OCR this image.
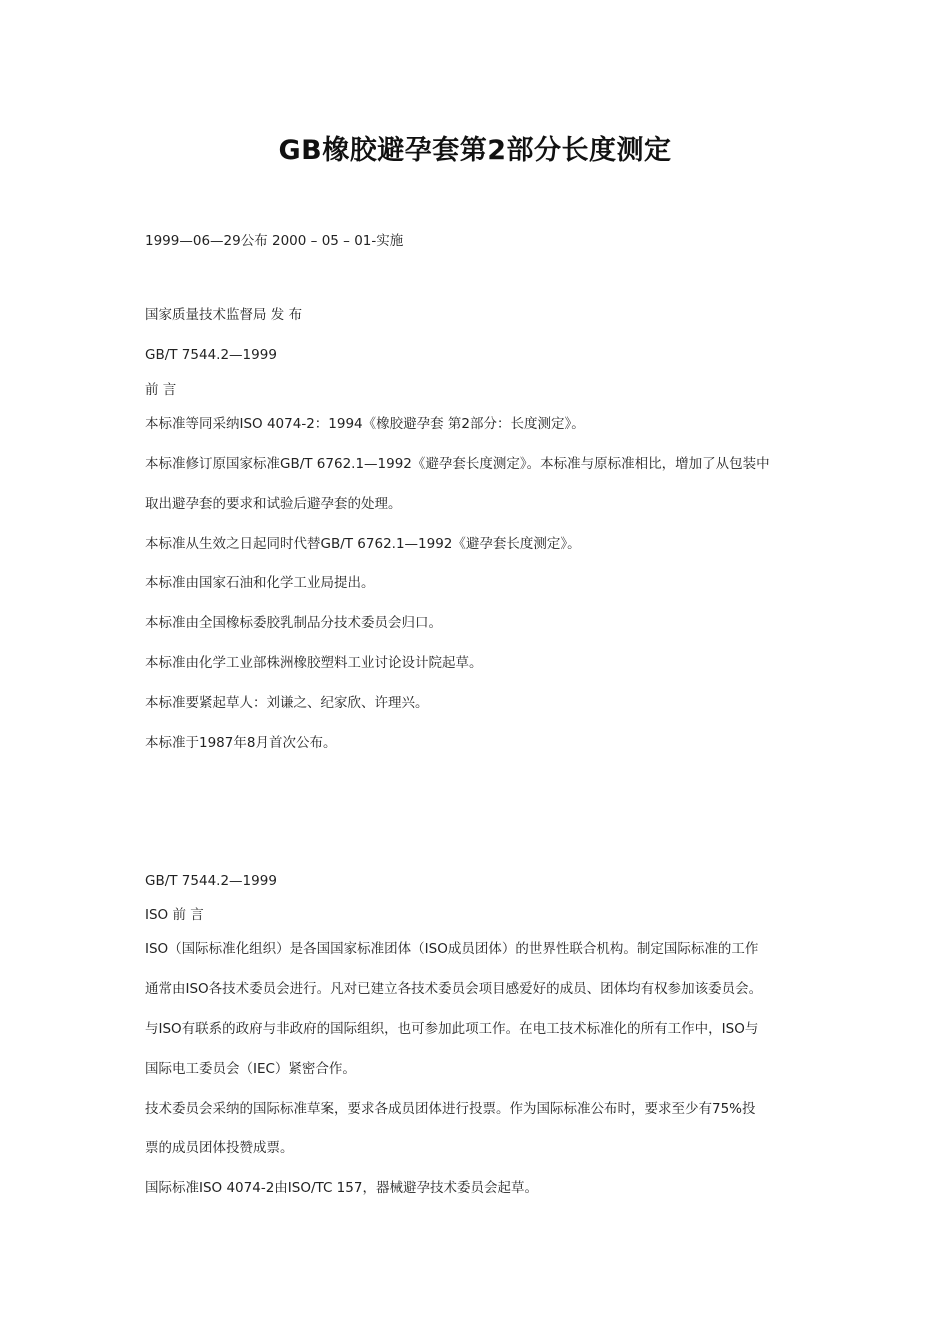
GB橡胶避孕套第2部分长度测定
1999—06—29公布 2000 – 05 – 01-实施
国家质量技术监督局 发 布
GB/T 7544.2—1999
前 言
本标准等同采纳ISO 4074-2：1994《橡胶避孕套 第2部分：长度测定》。
本标准修订原国家标准GB/T 6762.1—1992《避孕套长度测定》。本标准与原标准相比，增加了从包装中
取出避孕套的要求和试验后避孕套的处理。
本标准从生效之日起同时代替GB/T 6762.1—1992《避孕套长度测定》。
本标准由国家石油和化学工业局提出。
本标准由全国橡标委胶乳制品分技术委员会归口。
本标准由化学工业部株洲橡胶塑料工业讨论设计院起草。
本标准要紧起草人：刘谦之、纪家欣、许理兴。
本标准于1987年8月首次公布。
GB/T 7544.2—1999
ISO 前 言
ISO（国际标准化组织）是各国国家标准团体（ISO成员团体）的世界性联合机构。制定国际标准的工作
通常由ISO各技术委员会进行。凡对已建立各技术委员会项目感爱好的成员、团体均有权参加该委员会。
与ISO有联系的政府与非政府的国际组织，也可参加此项工作。在电工技术标准化的所有工作中，ISO与
国际电工委员会（IEC）紧密合作。
技术委员会采纳的国际标准草案，要求各成员团体进行投票。作为国际标准公布时，要求至少有75%投
票的成员团体投赞成票。
国际标准ISO 4074-2由ISO/TC 157，器械避孕技术委员会起草。
